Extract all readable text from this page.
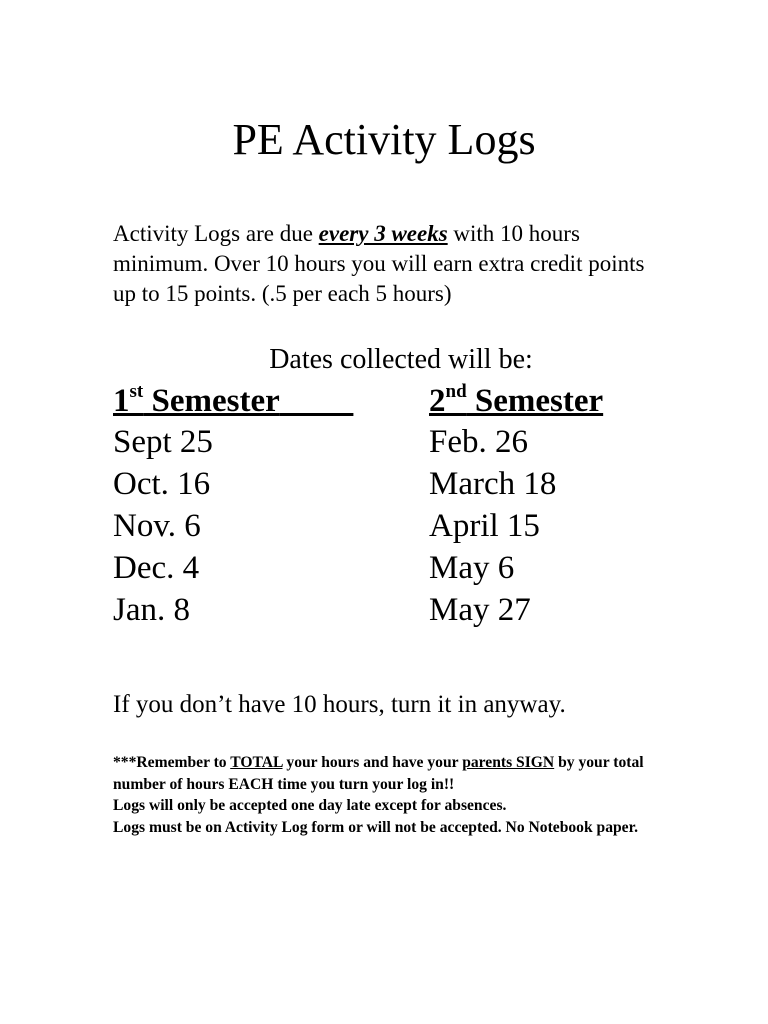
PE Activity Logs

Activity Logs are due every 3 weeks with 10 hours minimum. Over 10 hours you will earn extra credit points up to 15 points. (.5 per each 5 hours)

Dates collected will be:

1st Semester	2nd Semester
Sept 25
Oct. 16
Nov. 6
Dec. 4
Jan. 8
Feb. 26
March 18
April 15
May 6
May 27

If you don’t have 10 hours, turn it in anyway.

***Remember to TOTAL your hours and have your parents SIGN by your total number of hours EACH time you turn your log in!!

Logs will only be accepted one day late except for absences.

Logs must be on Activity Log form or will not be accepted. No Notebook paper.
